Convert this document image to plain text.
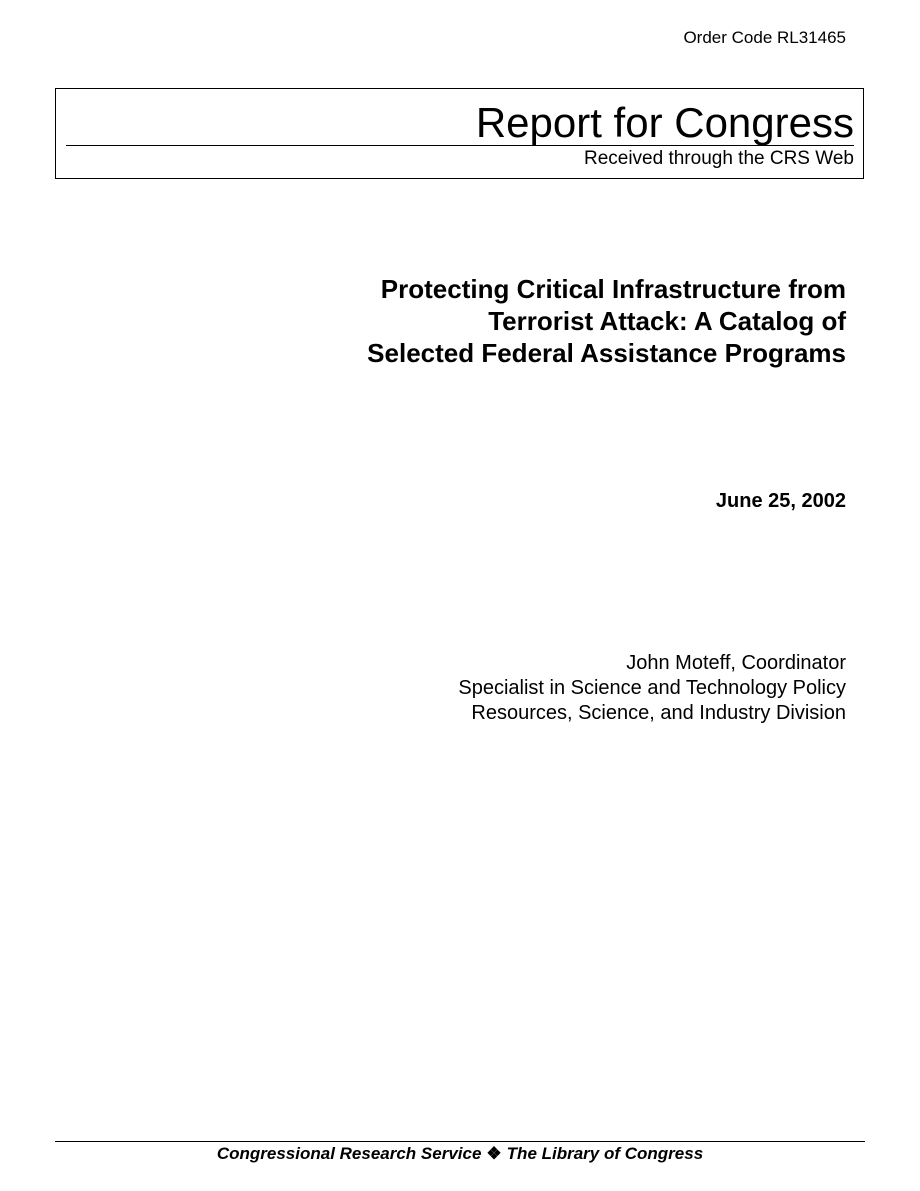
Order Code RL31465
Report for Congress
Received through the CRS Web
Protecting Critical Infrastructure from
Terrorist Attack: A Catalog of
Selected Federal Assistance Programs
June 25, 2002
John Moteff, Coordinator
Specialist in Science and Technology Policy
Resources, Science, and Industry Division
Congressional Research Service ❖ The Library of Congress
